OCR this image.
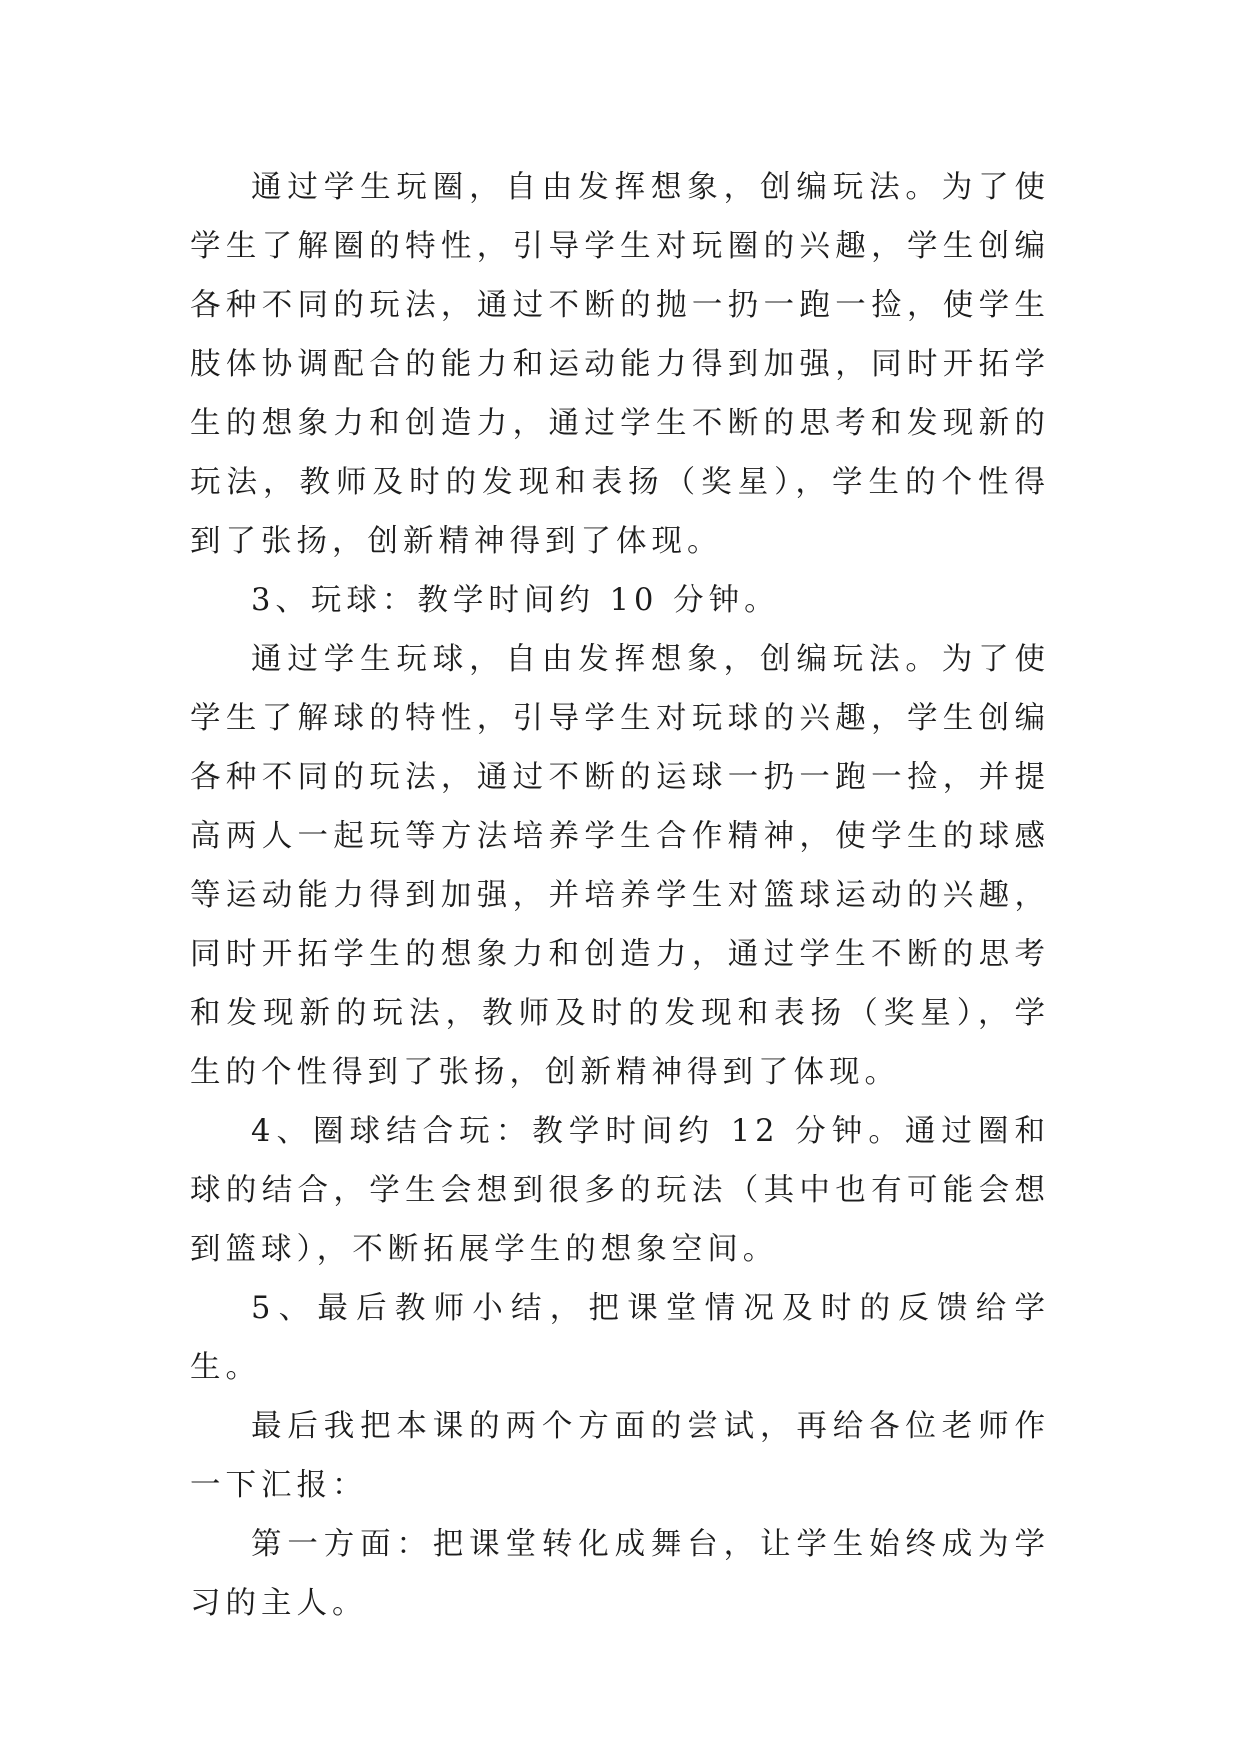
通过学生玩圈，自由发挥想象，创编玩法。为了使学生了解圈的特性，引导学生对玩圈的兴趣，学生创编各种不同的玩法，通过不断的抛一扔一跑一捡，使学生肢体协调配合的能力和运动能力得到加强，同时开拓学生的想象力和创造力，通过学生不断的思考和发现新的玩法，教师及时的发现和表扬（奖星），学生的个性得到了张扬，创新精神得到了体现。

3、玩球：教学时间约 10 分钟。

通过学生玩球，自由发挥想象，创编玩法。为了使学生了解球的特性，引导学生对玩球的兴趣，学生创编各种不同的玩法，通过不断的运球一扔一跑一捡，并提高两人一起玩等方法培养学生合作精神，使学生的球感等运动能力得到加强，并培养学生对篮球运动的兴趣，同时开拓学生的想象力和创造力，通过学生不断的思考和发现新的玩法，教师及时的发现和表扬（奖星），学生的个性得到了张扬，创新精神得到了体现。

4、圈球结合玩：教学时间约 12 分钟。通过圈和球的结合，学生会想到很多的玩法（其中也有可能会想到篮球），不断拓展学生的想象空间。

5、最后教师小结，把课堂情况及时的反馈给学生。

最后我把本课的两个方面的尝试，再给各位老师作一下汇报：

第一方面：把课堂转化成舞台，让学生始终成为学习的主人。
